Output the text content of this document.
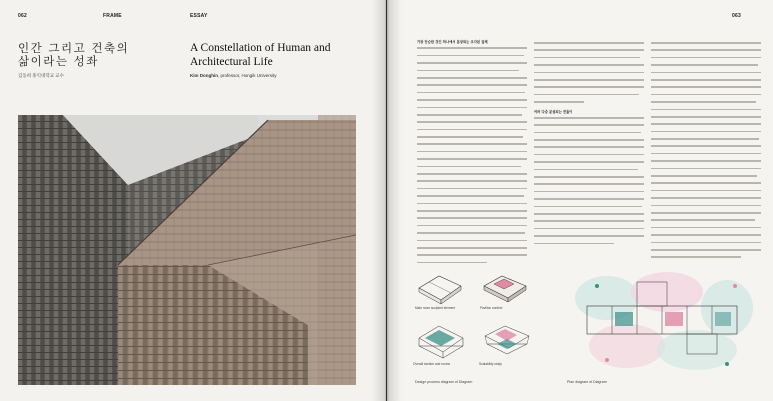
062	FRAME	ESSAY
인간 그리고 건축의
삶이라는 성좌
김동희 홍익대학교 교수
A Constellation of Human and
Architectural Life
Kim Donghin, professor, Hongik University
063
가장 단순한 것인 하나에서 분장되는 조각된 집체
여러 다중 분섬되는 전돌이
Main room sculpted element	Pavilion context
Overall section and rooms	Scalability study
Design process diagram of Diagram	Plan diagram of Diagram
